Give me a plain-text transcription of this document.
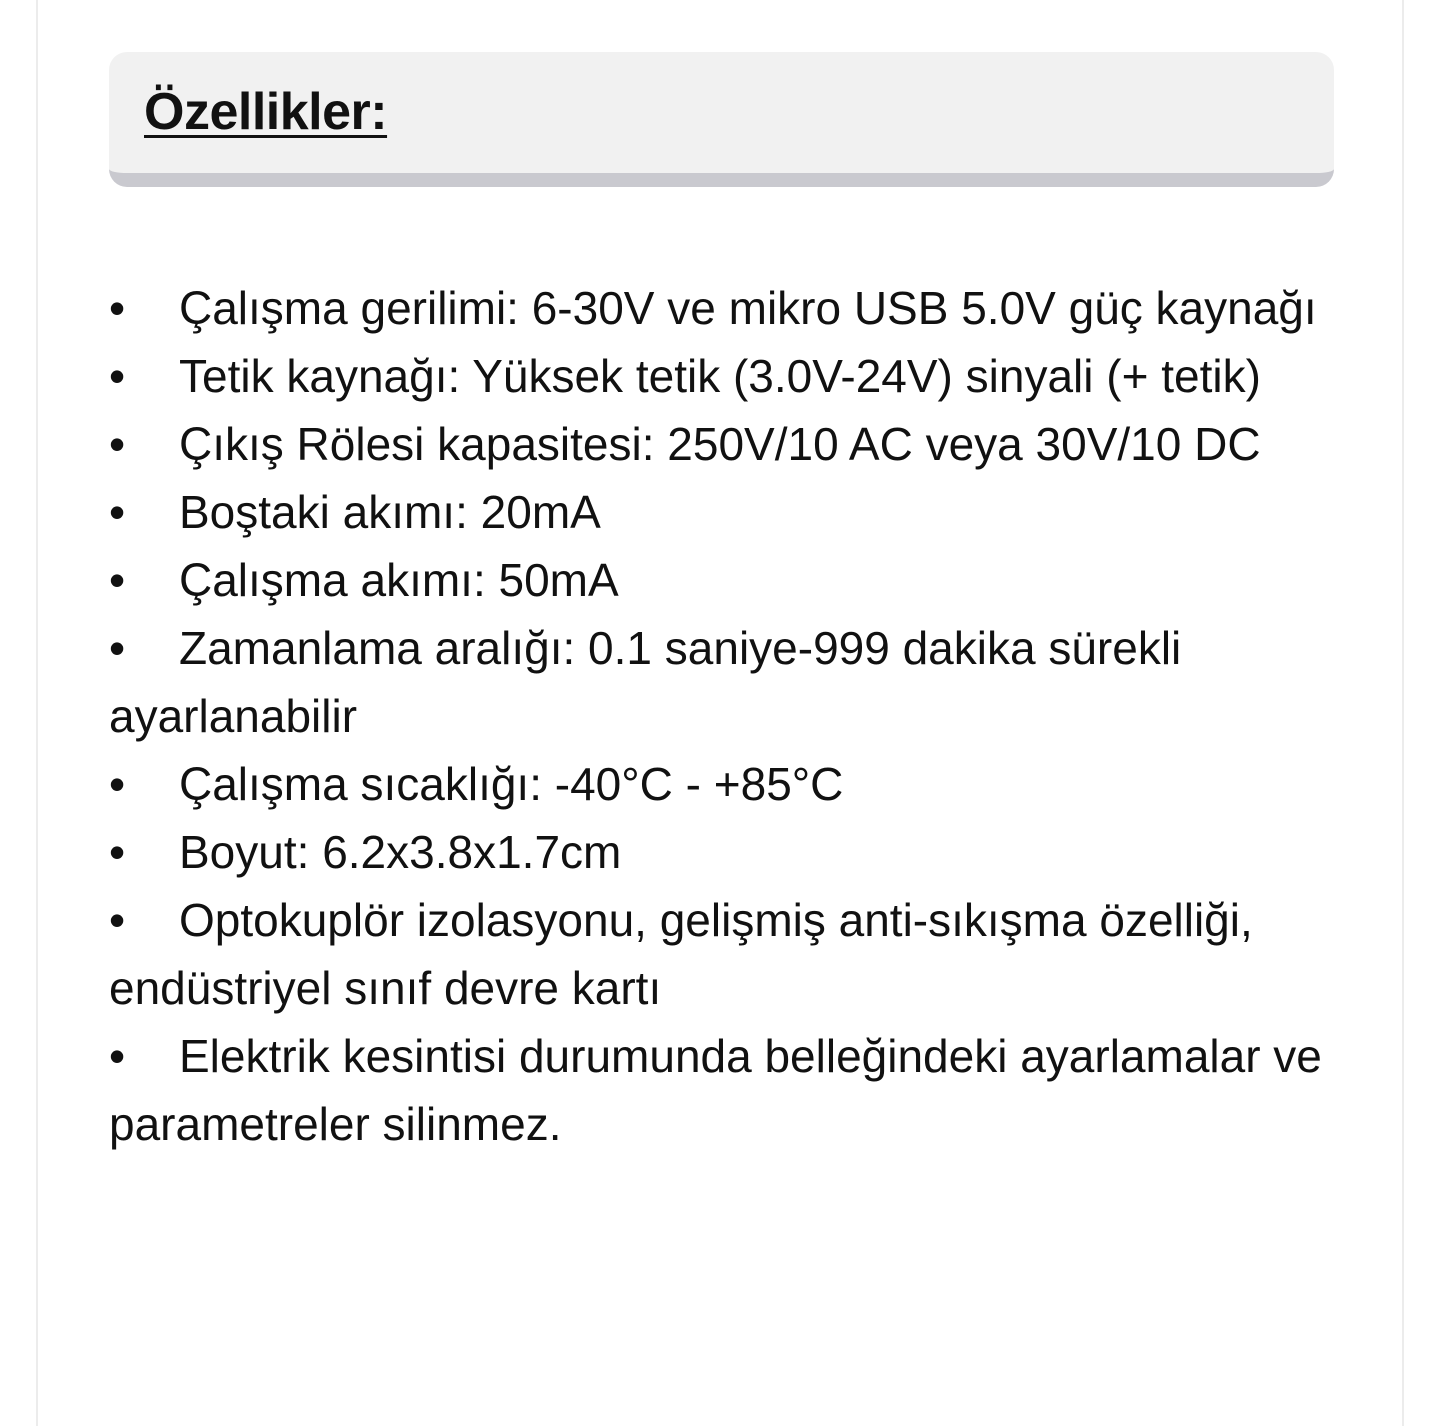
Özellikler:
• Çalışma gerilimi: 6-30V ve mikro USB 5.0V güç kaynağı
• Tetik kaynağı: Yüksek tetik (3.0V-24V) sinyali (+ tetik)
• Çıkış Rölesi kapasitesi: 250V/10 AC veya 30V/10 DC
• Boştaki akımı: 20mA
• Çalışma akımı: 50mA
• Zamanlama aralığı: 0.1 saniye-999 dakika sürekli ayarlanabilir
• Çalışma sıcaklığı: -40°C - +85°C
• Boyut: 6.2x3.8x1.7cm
• Optokuplör izolasyonu, gelişmiş anti-sıkışma özelliği, endüstriyel sınıf devre kartı
• Elektrik kesintisi durumunda belleğindeki ayarlamalar ve parametreler silinmez.
